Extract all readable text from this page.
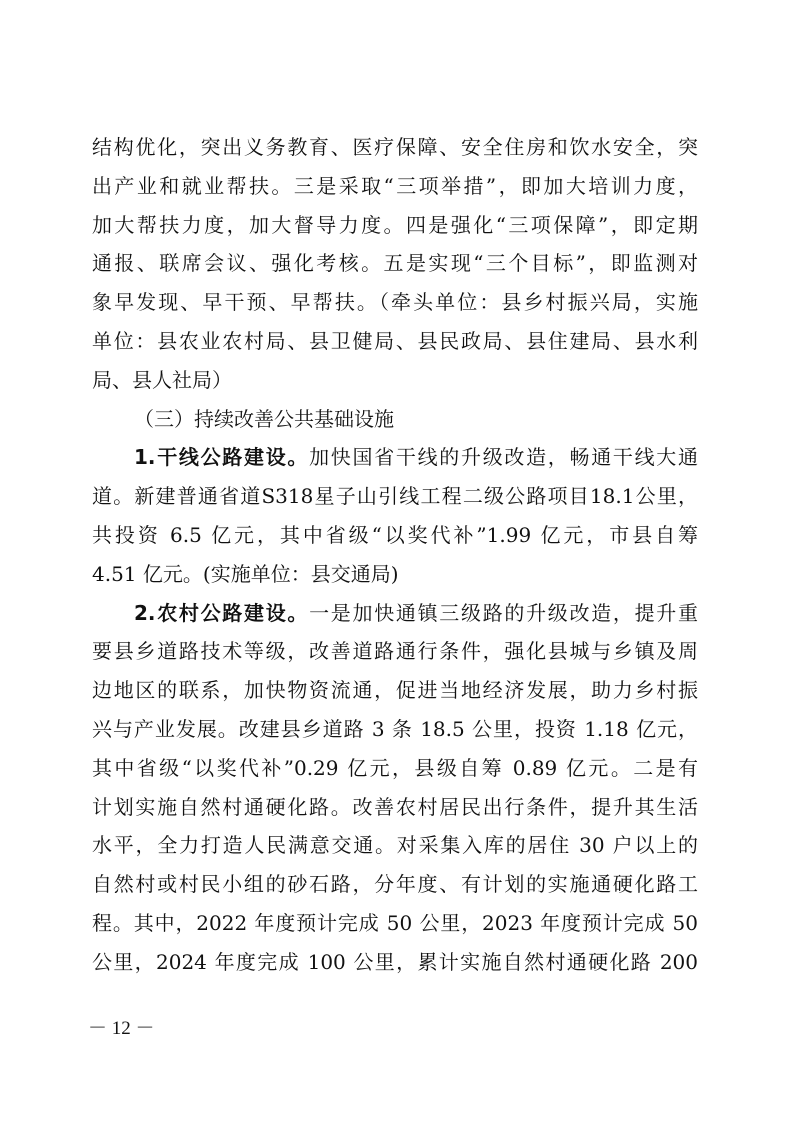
结构优化，突出义务教育、医疗保障、安全住房和饮水安全，突
出产业和就业帮扶。三是采取“三项举措”，即加大培训力度，
加大帮扶力度，加大督导力度。四是强化“三项保障”，即定期
通报、联席会议、强化考核。五是实现“三个目标”，即监测对
象早发现、早干预、早帮扶。（牵头单位：县乡村振兴局，实施
单位：县农业农村局、县卫健局、县民政局、县住建局、县水利
局、县人社局）
（三）持续改善公共基础设施
1.干线公路建设。加快国省干线的升级改造，畅通干线大通
道。新建普通省道S318星子山引线工程二级公路项目18.1公里，
共投资 6.5 亿元，其中省级“以奖代补”1.99 亿元，市县自筹
4.51 亿元。(实施单位：县交通局)
2.农村公路建设。一是加快通镇三级路的升级改造，提升重
要县乡道路技术等级，改善道路通行条件，强化县城与乡镇及周
边地区的联系，加快物资流通，促进当地经济发展，助力乡村振
兴与产业发展。改建县乡道路 3 条 18.5 公里，投资 1.18 亿元，
其中省级“以奖代补”0.29 亿元，县级自筹 0.89 亿元。二是有
计划实施自然村通硬化路。改善农村居民出行条件，提升其生活
水平，全力打造人民满意交通。对采集入库的居住 30 户以上的
自然村或村民小组的砂石路，分年度、有计划的实施通硬化路工
程。其中，2022 年度预计完成 50 公里，2023 年度预计完成 50
公里，2024 年度完成 100 公里，累计实施自然村通硬化路 200
－ 12 －
